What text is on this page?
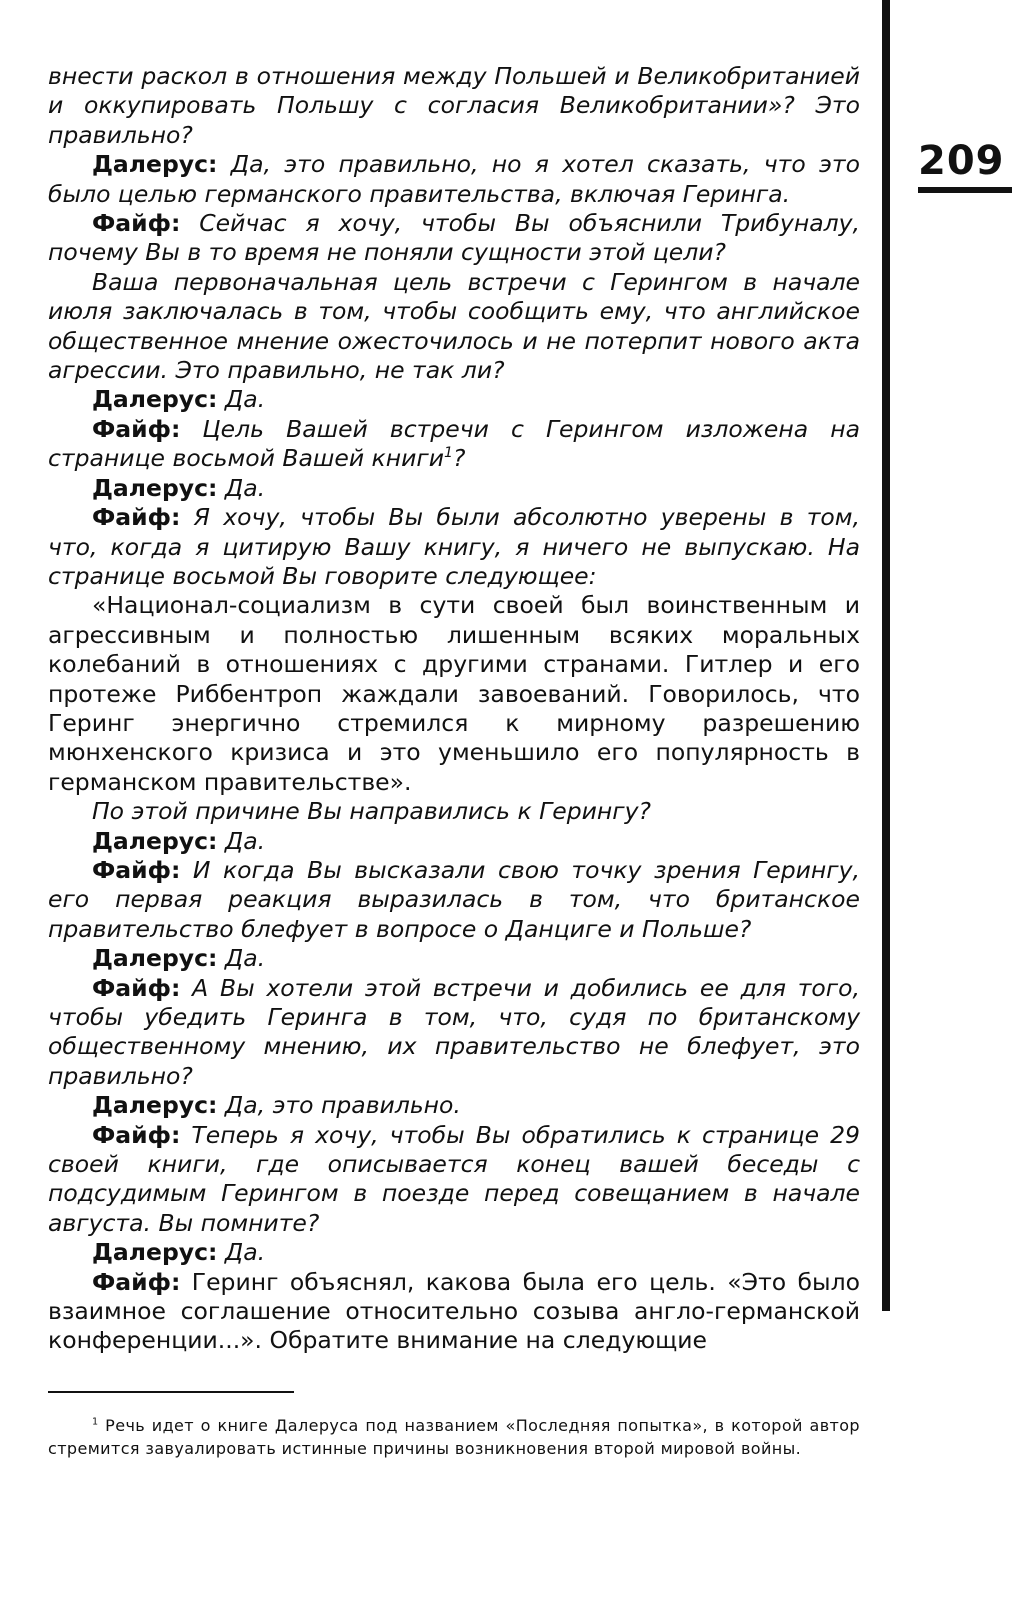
209

внести раскол в отношения между Польшей и Великобританией и оккупировать Польшу с согласия Великобритании»? Это правильно?

Далерус: Да, это правильно, но я хотел сказать, что это было целью германского правительства, включая Геринга.

Файф: Сейчас я хочу, чтобы Вы объяснили Трибуналу, почему Вы в то время не поняли сущности этой цели?

Ваша первоначальная цель встречи с Герингом в начале июля заключалась в том, чтобы сообщить ему, что английское общественное мнение ожесточилось и не потерпит нового акта агрессии. Это правильно, не так ли?

Далерус: Да.

Файф: Цель Вашей встречи с Герингом изложена на странице восьмой Вашей книги$^1$?

Далерус: Да.

Файф: Я хочу, чтобы Вы были абсолютно уверены в том, что, когда я цитирую Вашу книгу, я ничего не выпускаю. На странице восьмой Вы говорите следующее:

«Национал-социализм в сути своей был воинственным и агрессивным и полностью лишенным всяких моральных колебаний в отношениях с другими странами. Гитлер и его протеже Риббентроп жаждали завоеваний. Говорилось, что Геринг энергично стремился к мирному разрешению мюнхенского кризиса и это уменьшило его популярность в германском правительстве».

По этой причине Вы направились к Герингу?

Далерус: Да.

Файф: И когда Вы высказали свою точку зрения Герингу, его первая реакция выразилась в том, что британское правительство блефует в вопросе о Данциге и Польше?

Далерус: Да.

Файф: А Вы хотели этой встречи и добились ее для того, чтобы убедить Геринга в том, что, судя по британскому общественному мнению, их правительство не блефует, это правильно?

Далерус: Да, это правильно.

Файф: Теперь я хочу, чтобы Вы обратились к странице 29 своей книги, где описывается конец вашей беседы с подсудимым Герингом в поезде перед совещанием в начале августа. Вы помните?

Далерус: Да.

Файф: Геринг объяснял, какова была его цель. «Это было взаимное соглашение относительно созыва англо-германской конференции...». Обратите внимание на следующие

$^1$ Речь идет о книге Далеруса под названием «Последняя попытка», в которой автор стремится завуалировать истинные причины возникновения второй мировой войны.
